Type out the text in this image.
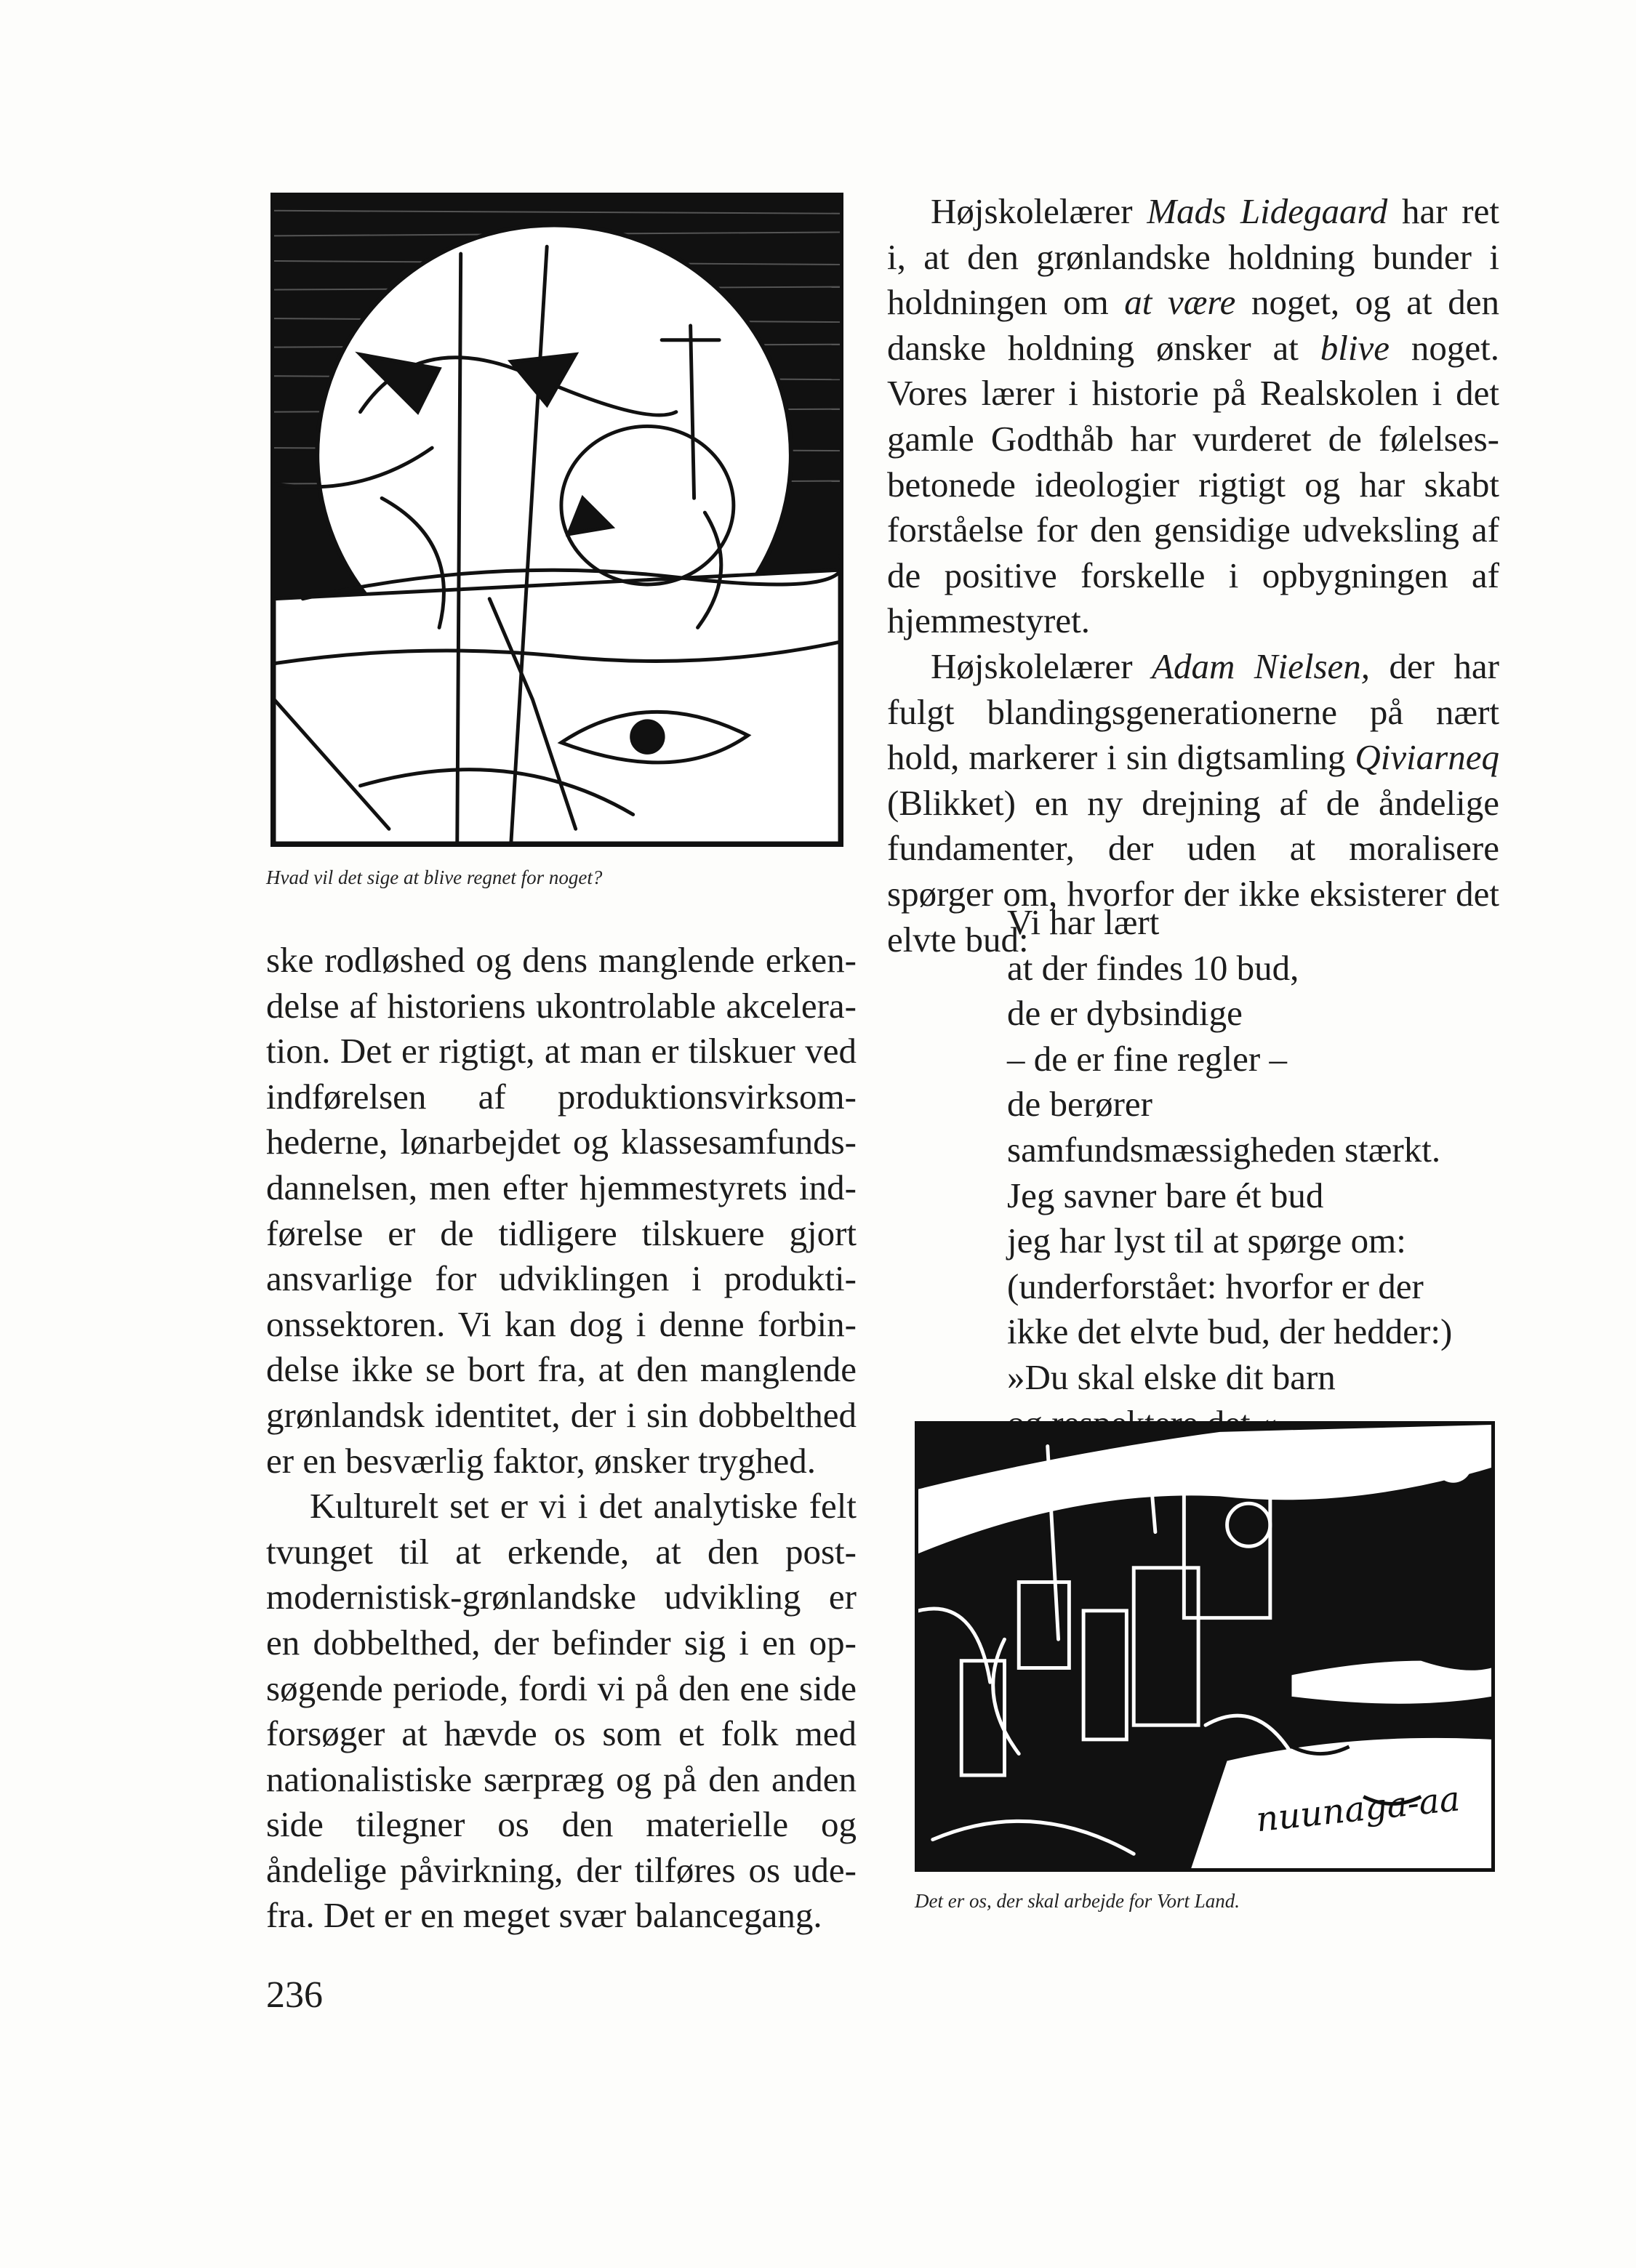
Hvad vil det sige at blive regnet for noget?

ske rodløshed og dens manglende erkendelse af historiens ukontrolable akceleration. Det er rigtigt, at man er tilskuer ved indførelsen af produktionsvirksomhederne, lønarbejdet og klassesamfundsdannelsen, men efter hjemmestyrets indførelse er de tidligere tilskuere gjort ansvarlige for udviklingen i produktionssektoren. Vi kan dog i denne forbindelse ikke se bort fra, at den manglende grønlandsk identitet, der i sin dobbelthed er en besværlig faktor, ønsker tryghed.

Kulturelt set er vi i det analytiske felt tvunget til at erkende, at den postmodernistisk-grønlandske udvikling er en dobbelthed, der befinder sig i en opsøgende periode, fordi vi på den ene side forsøger at hævde os som et folk med nationalistiske særpræg og på den anden side tilegner os den materielle og åndelige påvirkning, der tilføres os udefra. Det er en meget svær balancegang.

Højskolelærer Mads Lidegaard har ret i, at den grønlandske holdning bunder i holdningen om at være noget, og at den danske holdning ønsker at blive noget. Vores lærer i historie på Realskolen i det gamle Godthåb har vurderet de følelsesbetonede ideologier rigtigt og har skabt forståelse for den gensidige udveksling af de positive forskelle i opbygningen af hjemmestyret.

Højskolelærer Adam Nielsen, der har fulgt blandingsgenerationerne på nært hold, markerer i sin digtsamling Qiviarneq (Blikket) en ny drejning af de åndelige fundamenter, der uden at moralisere spørger om, hvorfor der ikke eksisterer det elvte bud:

Vi har lært
at der findes 10 bud,
de er dybsindige
– de er fine regler –
de berører
samfundsmæssigheden stærkt.
Jeg savner bare ét bud
jeg har lyst til at spørge om:
(underforstået: hvorfor er der
ikke det elvte bud, der hedder:)
»Du skal elske dit barn
nuunaga-aa
Det er os, der skal arbejde for Vort Land.
236
